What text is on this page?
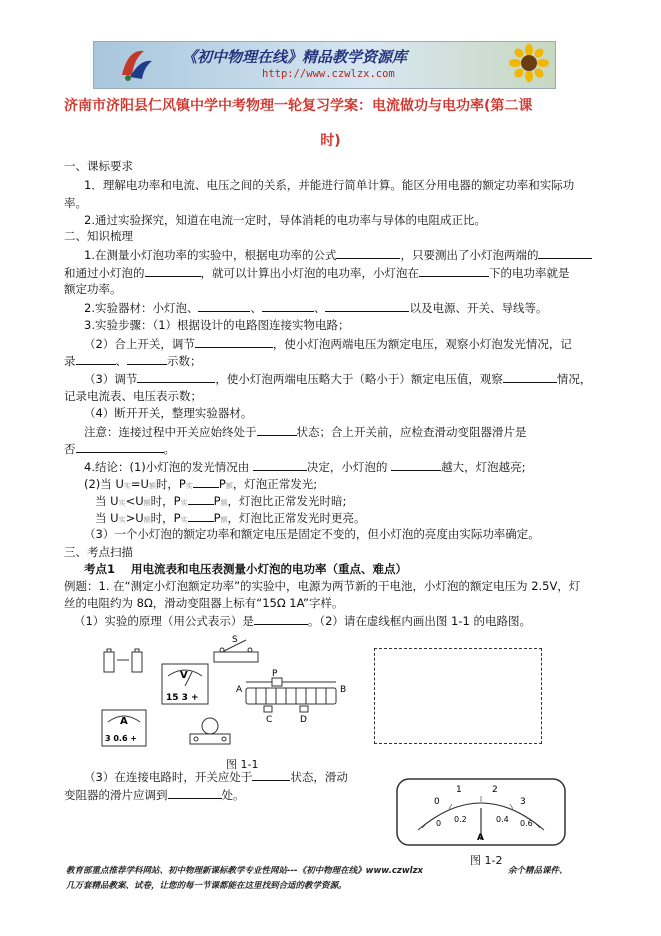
《初中物理在线》精品教学资源库
http://www.czwlzx.com
济南市济阳县仁风镇中学中考物理一轮复习学案：电流做功与电功率(第二课
时)
一、课标要求
1．理解电功率和电流、电压之间的关系，并能进行简单计算。能区分用电器的额定功率和实际功
率。
2.通过实验探究，知道在电流一定时，导体消耗的电功率与导体的电阻成正比。
二、知识梳理
1.在测量小灯泡功率的实验中，根据电功率的公式	，只要测出了小灯泡两端的
和通过小灯泡的	，就可以计算出小灯泡的电功率，小灯泡在	下的电功率就是
额定功率。
2.实验器材：小灯泡、	、	、	以及电源、开关、导线等。
3.实验步骤：（1）根据设计的电路图连接实物电路；
（2）合上开关，调节	，使小灯泡两端电压为额定电压，观察小灯泡发光情况，记
录	、	示数；
（3）调节	，使小灯泡两端电压略大于（略小于）额定电压值，观察	情况，
记录电流表、电压表示数；
（4）断开开关，整理实验器材。
注意：连接过程中开关应始终处于	状态；合上开关前，应检查滑动变阻器滑片是
否	。
4.结论：(1)小灯泡的发光情况由	决定，小灯泡的	越大，灯泡越亮;
(2)当 U实=U额时，P实 P额，灯泡正常发光;
当 U实<U额时，P实 P额，灯泡比正常发光时暗;
当 U实>U额时，P实 P额，灯泡比正常发光时更亮。
（3）一个小灯泡的额定功率和额定电压是固定不变的，但小灯泡的亮度由实际功率确定。
三、考点扫描
考点1 用电流表和电压表测量小灯泡的电功率（重点、难点）
例题：1. 在“测定小灯泡额定功率”的实验中，电源为两节新的干电池，小灯泡的额定电压为 2.5V，灯
丝的电阻约为 8Ω，滑动变阻器上标有“15Ω 1A”字样。
（1）实验的原理（用公式表示）是	。（2）请在虚线框内画出图 1-1 的电路图。
S
V
15 3 +
A
P
B
C	D
A
3 0.6 +
图 1-1
（3）在连接电路时，开关应处于	状态，滑动
变阻器的滑片应调到	处。	0
1	2
3
0 0.2	0.4 0.6
A
图 1-2
教育部重点推荐学科网站、初中物理新课标教学专业性网站---《初中物理在线》www.czwlzx	余个精品课件、
几万套精品教案、试卷，让您的每一节课都能在这里找到合适的教学资源。
